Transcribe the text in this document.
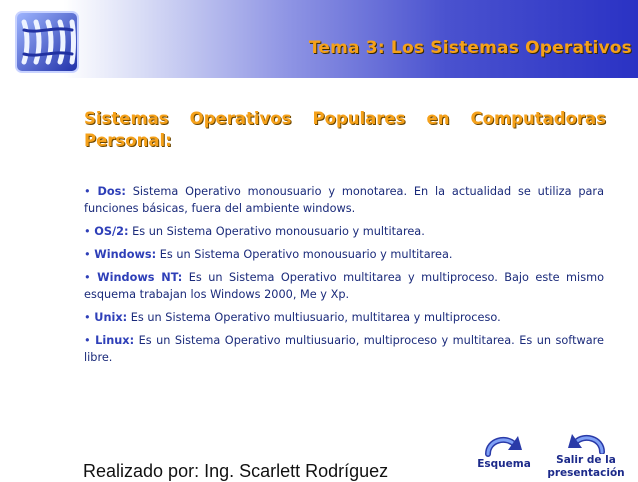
Tema 3: Los Sistemas Operativos
Sistemas Operativos Populares en Computadoras Personal:
• Dos: Sistema Operativo monousuario y monotarea. En la actualidad se utiliza para funciones básicas, fuera del ambiente windows.
• OS/2: Es un Sistema Operativo monousuario y multitarea.
• Windows: Es un Sistema Operativo monousuario y multitarea.
• Windows NT: Es un Sistema Operativo multitarea y multiproceso. Bajo este mismo esquema trabajan los Windows 2000, Me y Xp.
• Unix: Es un Sistema Operativo multiusuario, multitarea y multiproceso.
• Linux: Es un Sistema Operativo multiusuario, multiproceso y multitarea. Es un software libre.
Esquema	Salir de la
presentación
Realizado por: Ing. Scarlett Rodríguez
